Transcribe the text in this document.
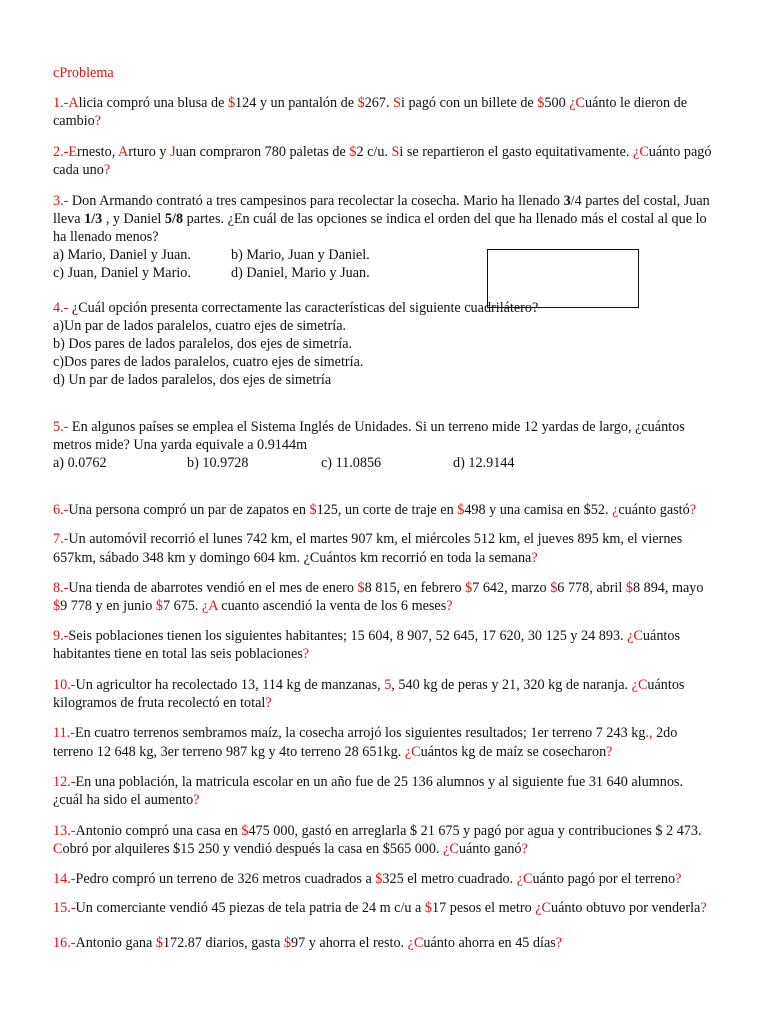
cProblema
1.-Alicia compró una blusa de $124 y un pantalón de $267. Si pagó con un billete de $500 ¿Cuánto le dieron de
cambio?
2.-Ernesto, Arturo y Juan compraron 780 paletas de $2 c/u. Si se repartieron el gasto equitativamente. ¿Cuánto pagó
cada uno?
3.- Don Armando contrató a tres campesinos para recolectar la cosecha. Mario ha llenado 3/4 partes del costal, Juan
lleva 1/3 , y Daniel 5/8 partes. ¿En cuál de las opciones se indica el orden del que ha llenado más el costal al que lo
ha llenado menos?
a) Mario, Daniel y Juan.	b) Mario, Juan y Daniel.
c) Juan, Daniel y Mario.	d) Daniel, Mario y Juan.
4.- ¿Cuál opción presenta correctamente las características del siguiente cuadrilátero?
a)Un par de lados paralelos, cuatro ejes de simetría.
b) Dos pares de lados paralelos, dos ejes de simetría.
c)Dos pares de lados paralelos, cuatro ejes de simetría.
d) Un par de lados paralelos, dos ejes de simetría
5.- En algunos países se emplea el Sistema Inglés de Unidades. Si un terreno mide 12 yardas de largo, ¿cuántos
metros mide? Una yarda equivale a 0.9144m
a) 0.0762	b) 10.9728	c) 11.0856	d) 12.9144
6.-Una persona compró un par de zapatos en $125, un corte de traje en $498 y una camisa en $52. ¿cuánto gastó?
7.-Un automóvil recorrió el lunes 742 km, el martes 907 km, el miércoles 512 km, el jueves 895 km, el viernes
657km, sábado 348 km y domingo 604 km. ¿Cuántos km recorrió en toda la semana?
8.-Una tienda de abarrotes vendió en el mes de enero $8 815, en febrero $7 642, marzo $6 778, abril $8 894, mayo
$9 778 y en junio $7 675. ¿A cuanto ascendió la venta de los 6 meses?
9.-Seis poblaciones tienen los siguientes habitantes; 15 604, 8 907, 52 645, 17 620, 30 125 y 24 893. ¿Cuántos
habitantes tiene en total las seis poblaciones?
10.-Un agricultor ha recolectado 13, 114 kg de manzanas, 5, 540 kg de peras y 21, 320 kg de naranja. ¿Cuántos
kilogramos de fruta recolectó en total?
11.-En cuatro terrenos sembramos maíz, la cosecha arrojó los siguientes resultados; 1er terreno 7 243 kg., 2do
terreno 12 648 kg, 3er terreno 987 kg y 4to terreno 28 651kg. ¿Cuántos kg de maíz se cosecharon?
12.-En una población, la matricula escolar en un año fue de 25 136 alumnos y al siguiente fue 31 640 alumnos.
¿cuál ha sido el aumento?
13.-Antonio compró una casa en $475 000, gastó en arreglarla $ 21 675 y pagó por agua y contribuciones $ 2 473.
Cobró por alquileres $15 250 y vendió después la casa en $565 000. ¿Cuánto ganó?
14.-Pedro compró un terreno de 326 metros cuadrados a $325 el metro cuadrado. ¿Cuánto pagó por el terreno?
15.-Un comerciante vendió 45 piezas de tela patria de 24 m c/u a $17 pesos el metro ¿Cuánto obtuvo por venderla?
16.-Antonio gana $172.87 diarios, gasta $97 y ahorra el resto. ¿Cuánto ahorra en 45 días?
